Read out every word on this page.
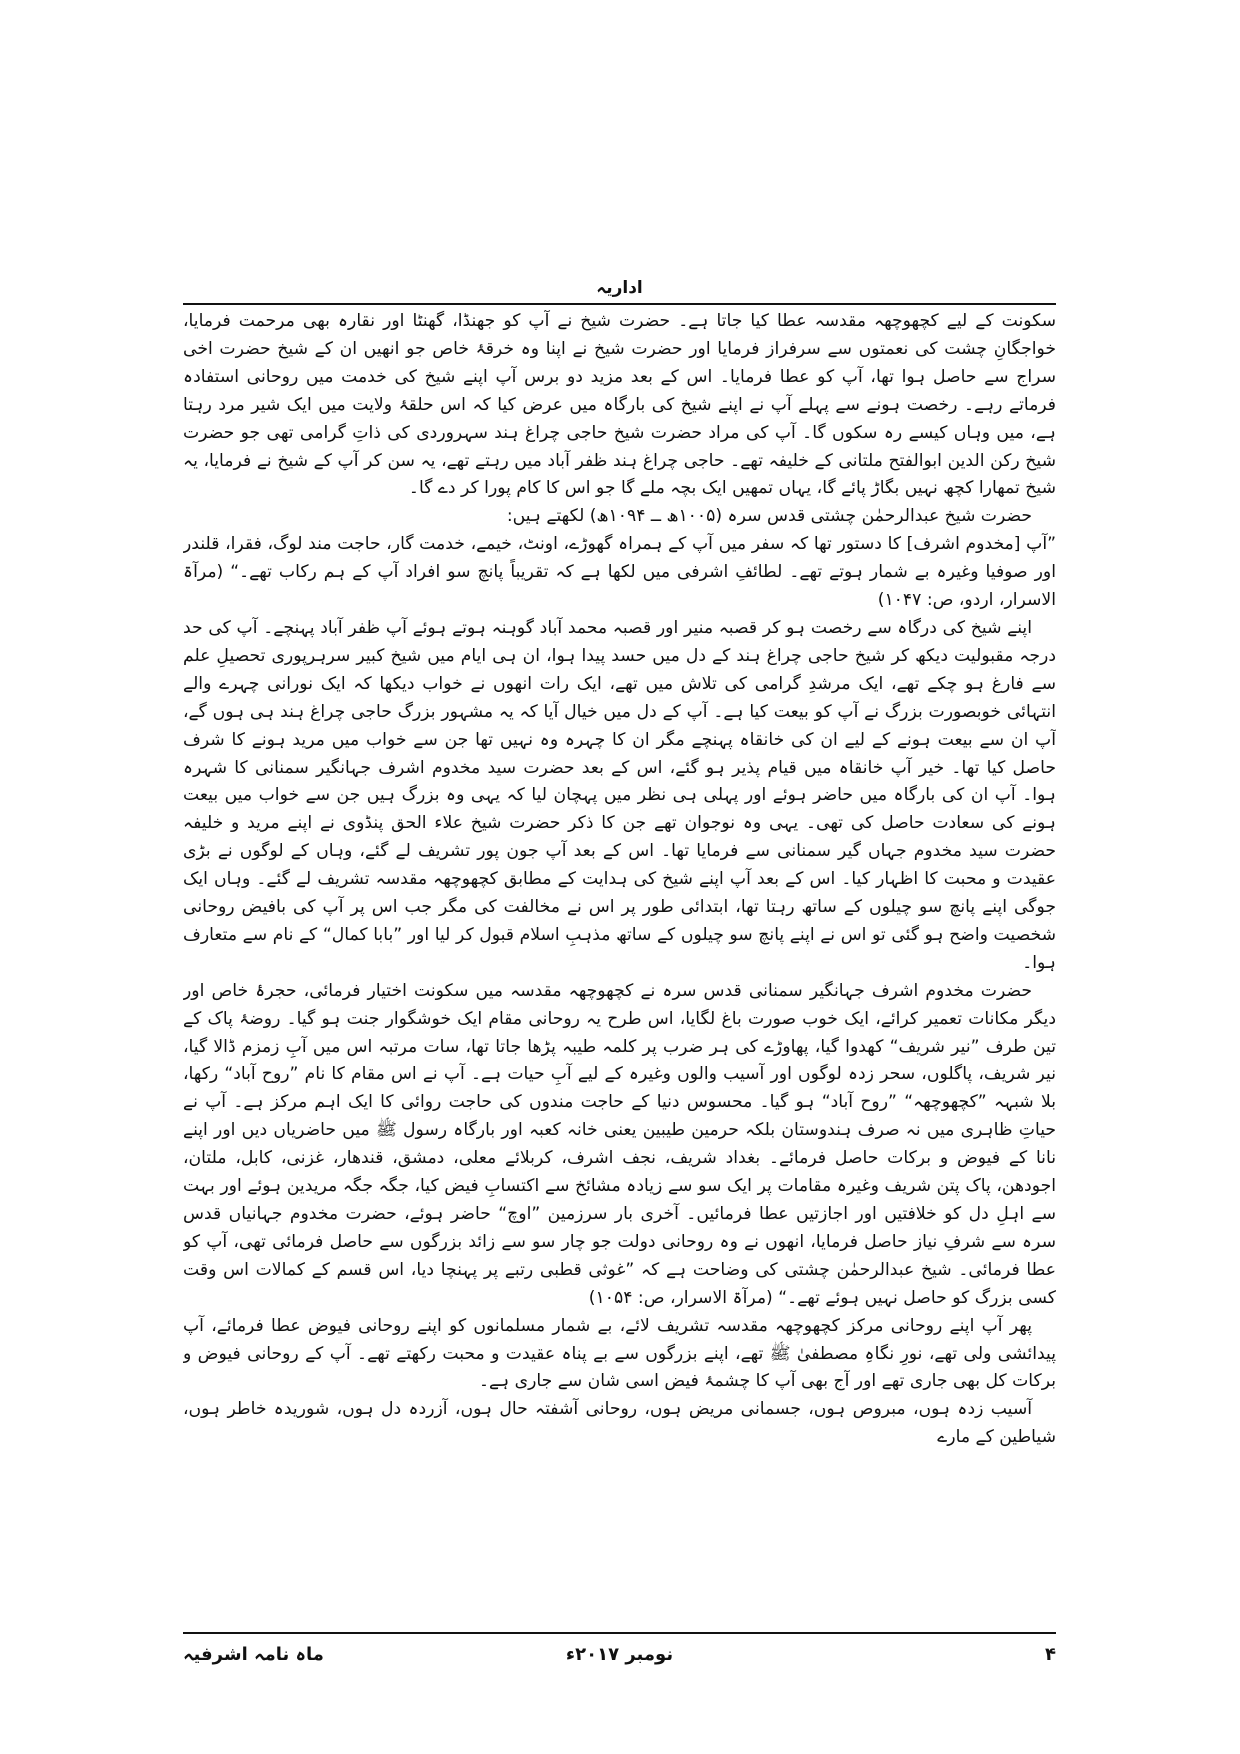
اداریہ

سکونت کے لیے کچھوچھہ مقدسہ عطا کیا جاتا ہے۔ حضرت شیخ نے آپ کو جھنڈا، گھنٹا اور نقارہ بھی مرحمت فرمایا، خواجگانِ چشت کی نعمتوں سے سرفراز فرمایا اور حضرت شیخ نے اپنا وہ خرقۂ خاص جو انھیں ان کے شیخ حضرت اخی سراج سے حاصل ہوا تھا، آپ کو عطا فرمایا۔ اس کے بعد مزید دو برس آپ اپنے شیخ کی خدمت میں روحانی استفادہ فرماتے رہے۔ رخصت ہونے سے پہلے آپ نے اپنے شیخ کی بارگاہ میں عرض کیا کہ اس حلقۂ ولایت میں ایک شیر مرد رہتا ہے، میں وہاں کیسے رہ سکوں گا۔ آپ کی مراد حضرت شیخ حاجی چراغ ہند سہروردی کی ذاتِ گرامی تھی جو حضرت شیخ رکن الدین ابوالفتح ملتانی کے خلیفہ تھے۔ حاجی چراغ ہند ظفر آباد میں رہتے تھے، یہ سن کر آپ کے شیخ نے فرمایا، یہ شیخ تمھارا کچھ نہیں بگاڑ پائے گا، یہاں تمھیں ایک بچہ ملے گا جو اس کا کام پورا کر دے گا۔

حضرت شیخ عبدالرحمٰن چشتی قدس سرہ (۱۰۰۵ھ ــ ۱۰۹۴ھ) لکھتے ہیں:

”آپ [مخدوم اشرف] کا دستور تھا کہ سفر میں آپ کے ہمراہ گھوڑے، اونٹ، خیمے، خدمت گار، حاجت مند لوگ، فقرا، قلندر اور صوفیا وغیرہ بے شمار ہوتے تھے۔ لطائفِ اشرفی میں لکھا ہے کہ تقریباً پانچ سو افراد آپ کے ہم رکاب تھے۔“ (مرآۃ الاسرار، اردو، ص: ۱۰۴۷)

اپنے شیخ کی درگاہ سے رخصت ہو کر قصبہ منیر اور قصبہ محمد آباد گوہنہ ہوتے ہوئے آپ ظفر آباد پہنچے۔ آپ کی حد درجہ مقبولیت دیکھ کر شیخ حاجی چراغ ہند کے دل میں حسد پیدا ہوا، ان ہی ایام میں شیخ کبیر سرہرپوری تحصیلِ علم سے فارغ ہو چکے تھے، ایک مرشدِ گرامی کی تلاش میں تھے، ایک رات انھوں نے خواب دیکھا کہ ایک نورانی چہرے والے انتہائی خوبصورت بزرگ نے آپ کو بیعت کیا ہے۔ آپ کے دل میں خیال آیا کہ یہ مشہور بزرگ حاجی چراغ ہند ہی ہوں گے، آپ ان سے بیعت ہونے کے لیے ان کی خانقاہ پہنچے مگر ان کا چہرہ وہ نہیں تھا جن سے خواب میں مرید ہونے کا شرف حاصل کیا تھا۔ خیر آپ خانقاہ میں قیام پذیر ہو گئے، اس کے بعد حضرت سید مخدوم اشرف جہانگیر سمنانی کا شہرہ ہوا۔ آپ ان کی بارگاہ میں حاضر ہوئے اور پہلی ہی نظر میں پہچان لیا کہ یہی وہ بزرگ ہیں جن سے خواب میں بیعت ہونے کی سعادت حاصل کی تھی۔ یہی وہ نوجوان تھے جن کا ذکر حضرت شیخ علاء الحق پنڈوی نے اپنے مرید و خلیفہ حضرت سید مخدوم جہاں گیر سمنانی سے فرمایا تھا۔ اس کے بعد آپ جون پور تشریف لے گئے، وہاں کے لوگوں نے بڑی عقیدت و محبت کا اظہار کیا۔ اس کے بعد آپ اپنے شیخ کی ہدایت کے مطابق کچھوچھہ مقدسہ تشریف لے گئے۔ وہاں ایک جوگی اپنے پانچ سو چیلوں کے ساتھ رہتا تھا، ابتدائی طور پر اس نے مخالفت کی مگر جب اس پر آپ کی بافیض روحانی شخصیت واضح ہو گئی تو اس نے اپنے پانچ سو چیلوں کے ساتھ مذہبِ اسلام قبول کر لیا اور ”بابا کمال“ کے نام سے متعارف ہوا۔

حضرت مخدوم اشرف جہانگیر سمنانی قدس سرہ نے کچھوچھہ مقدسہ میں سکونت اختیار فرمائی، حجرۂ خاص اور دیگر مکانات تعمیر کرائے، ایک خوب صورت باغ لگایا، اس طرح یہ روحانی مقام ایک خوشگوار جنت ہو گیا۔ روضۂ پاک کے تین طرف ”نیر شریف“ کھدوا گیا، پھاوڑے کی ہر ضرب پر کلمہ طیبہ پڑھا جاتا تھا، سات مرتبہ اس میں آبِ زمزم ڈالا گیا، نیر شریف، پاگلوں، سحر زدہ لوگوں اور آسیب والوں وغیرہ کے لیے آبِ حیات ہے۔ آپ نے اس مقام کا نام ”روح آباد“ رکھا، بلا شبہہ ”کچھوچھہ“ ”روح آباد“ ہو گیا۔ محسوس دنیا کے حاجت مندوں کی حاجت روائی کا ایک اہم مرکز ہے۔ آپ نے حیاتِ ظاہری میں نہ صرف ہندوستان بلکہ حرمین طیبین یعنی خانہ کعبہ اور بارگاہ رسول ﷺ میں حاضریاں دیں اور اپنے نانا کے فیوض و برکات حاصل فرمائے۔ بغداد شریف، نجف اشرف، کربلائے معلی، دمشق، قندھار، غزنی، کابل، ملتان، اجودھن، پاک پتن شریف وغیرہ مقامات پر ایک سو سے زیادہ مشائخ سے اکتسابِ فیض کیا، جگہ جگہ مریدین ہوئے اور بہت سے اہلِ دل کو خلافتیں اور اجازتیں عطا فرمائیں۔ آخری بار سرزمین ”اوچ“ حاضر ہوئے، حضرت مخدوم جہانیاں قدس سرہ سے شرفِ نیاز حاصل فرمایا، انھوں نے وہ روحانی دولت جو چار سو سے زائد بزرگوں سے حاصل فرمائی تھی، آپ کو عطا فرمائی۔ شیخ عبدالرحمٰن چشتی کی وضاحت ہے کہ ”غوثی قطبی رتبے پر پہنچا دیا، اس قسم کے کمالات اس وقت کسی بزرگ کو حاصل نہیں ہوئے تھے۔“ (مرآۃ الاسرار، ص: ۱۰۵۴)

پھر آپ اپنے روحانی مرکز کچھوچھہ مقدسہ تشریف لائے، بے شمار مسلمانوں کو اپنے روحانی فیوض عطا فرمائے، آپ پیدائشی ولی تھے، نورِ نگاہِ مصطفیٰ ﷺ تھے، اپنے بزرگوں سے بے پناہ عقیدت و محبت رکھتے تھے۔ آپ کے روحانی فیوض و برکات کل بھی جاری تھے اور آج بھی آپ کا چشمۂ فیض اسی شان سے جاری ہے۔

آسیب زدہ ہوں، مبروص ہوں، جسمانی مریض ہوں، روحانی آشفتہ حال ہوں، آزردہ دل ہوں، شوریدہ خاطر ہوں، شیاطین کے مارے

۴
نومبر ۲۰۱۷ء
ماہ نامہ اشرفیہ
